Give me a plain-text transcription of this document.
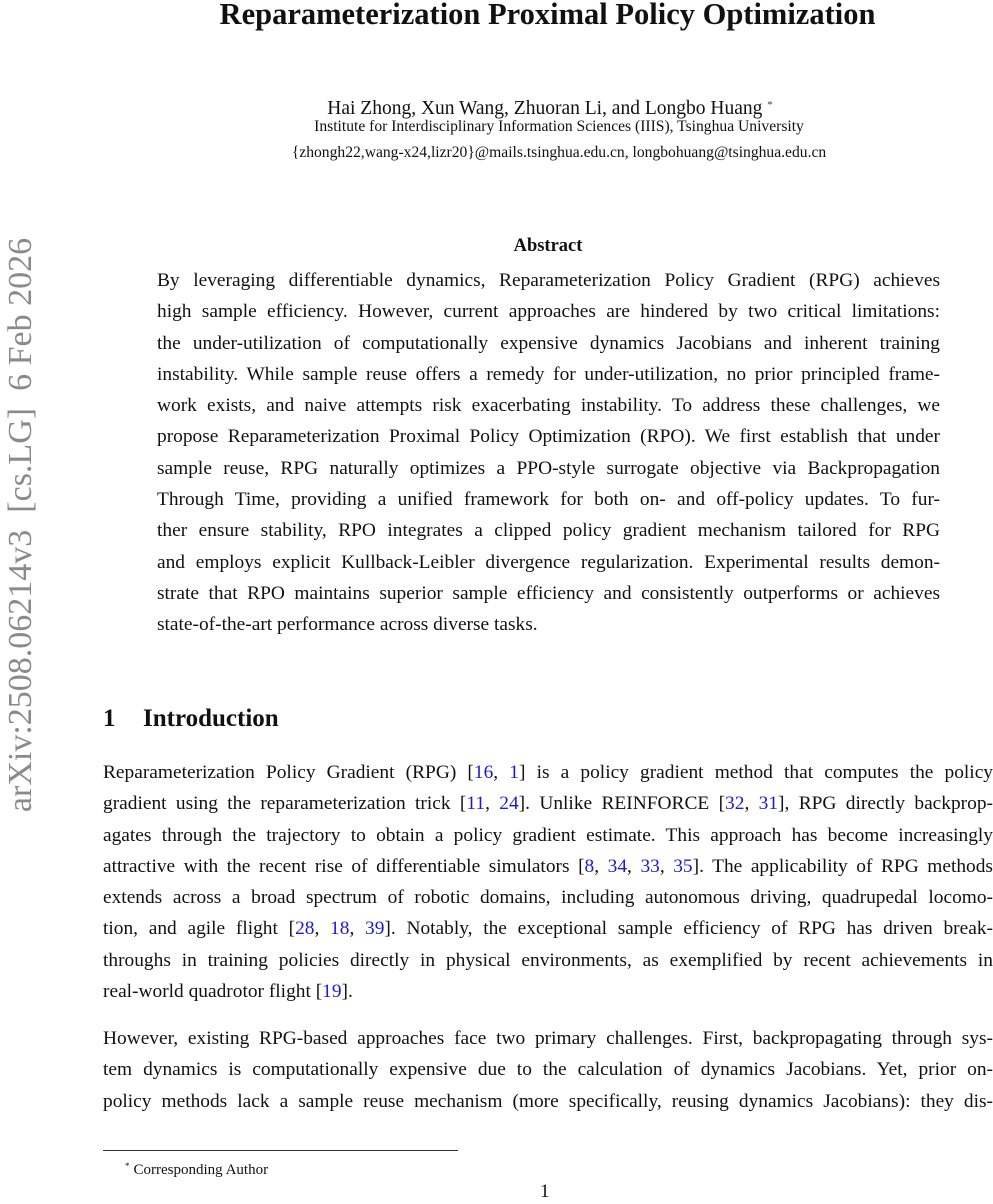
arXiv:2508.06214v3  [cs.LG]  6 Feb 2026
Reparameterization Proximal Policy Optimization
Hai Zhong, Xun Wang, Zhuoran Li, and Longbo Huang *
Institute for Interdisciplinary Information Sciences (IIIS), Tsinghua University
{zhongh22,wang-x24,lizr20}@mails.tsinghua.edu.cn, longbohuang@tsinghua.edu.cn
Abstract
By leveraging differentiable dynamics, Reparameterization Policy Gradient (RPG) achieves
high sample efficiency. However, current approaches are hindered by two critical limitations:
the under-utilization of computationally expensive dynamics Jacobians and inherent training
instability. While sample reuse offers a remedy for under-utilization, no prior principled frame-
work exists, and naive attempts risk exacerbating instability. To address these challenges, we
propose Reparameterization Proximal Policy Optimization (RPO). We first establish that under
sample reuse, RPG naturally optimizes a PPO-style surrogate objective via Backpropagation
Through Time, providing a unified framework for both on- and off-policy updates. To fur-
ther ensure stability, RPO integrates a clipped policy gradient mechanism tailored for RPG
and employs explicit Kullback-Leibler divergence regularization. Experimental results demon-
strate that RPO maintains superior sample efficiency and consistently outperforms or achieves
state-of-the-art performance across diverse tasks.
1 Introduction
Reparameterization Policy Gradient (RPG) [16, 1] is a policy gradient method that computes the policy
gradient using the reparameterization trick [11, 24]. Unlike REINFORCE [32, 31], RPG directly backprop-
agates through the trajectory to obtain a policy gradient estimate. This approach has become increasingly
attractive with the recent rise of differentiable simulators [8, 34, 33, 35]. The applicability of RPG methods
extends across a broad spectrum of robotic domains, including autonomous driving, quadrupedal locomo-
tion, and agile flight [28, 18, 39]. Notably, the exceptional sample efficiency of RPG has driven break-
throughs in training policies directly in physical environments, as exemplified by recent achievements in
real-world quadrotor flight [19].
However, existing RPG-based approaches face two primary challenges. First, backpropagating through sys-
tem dynamics is computationally expensive due to the calculation of dynamics Jacobians. Yet, prior on-
policy methods lack a sample reuse mechanism (more specifically, reusing dynamics Jacobians): they dis-
* Corresponding Author
1
